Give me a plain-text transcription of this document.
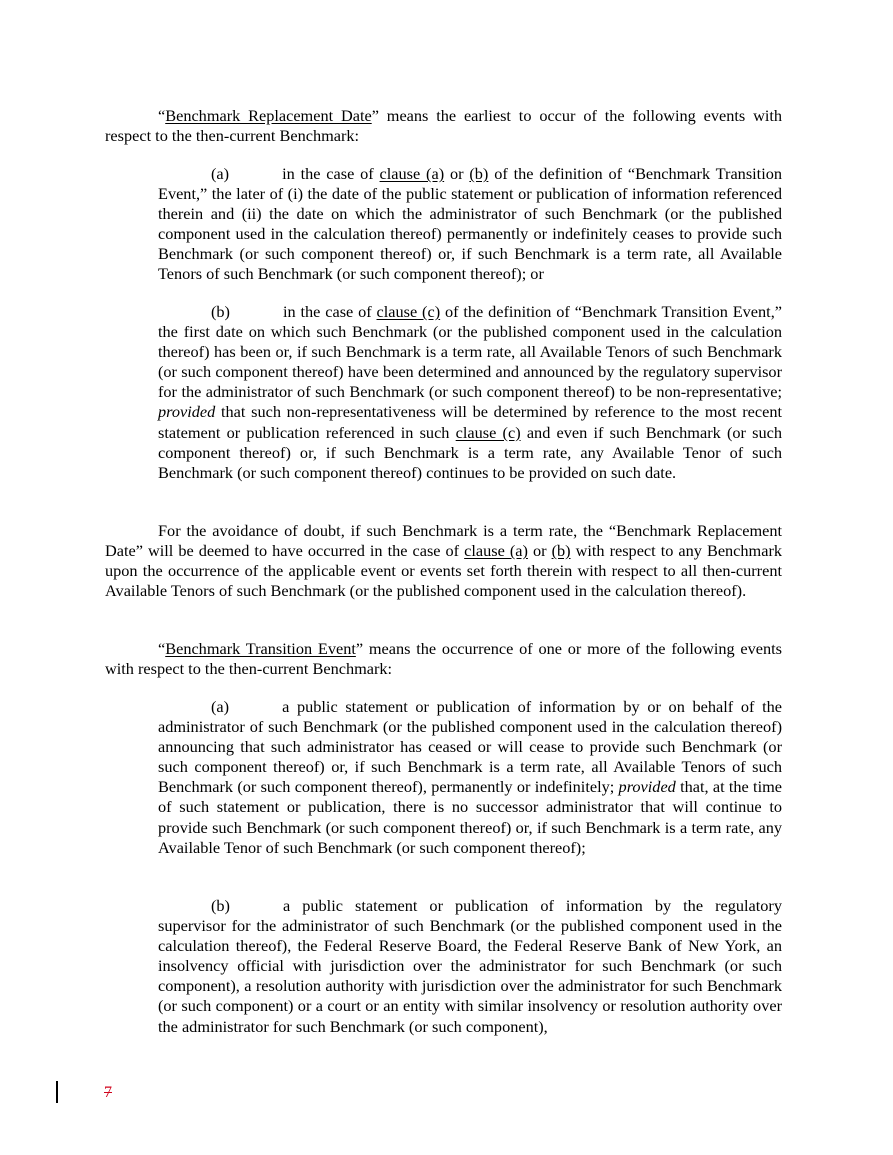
“Benchmark Replacement Date” means the earliest to occur of the following events with respect to the then-current Benchmark:

(a)	in the case of clause (a) or (b) of the definition of “Benchmark Transition Event,” the later of (i) the date of the public statement or publication of information referenced therein and (ii) the date on which the administrator of such Benchmark (or the published component used in the calculation thereof) permanently or indefinitely ceases to provide such Benchmark (or such component thereof) or, if such Benchmark is a term rate, all Available Tenors of such Benchmark (or such component thereof); or

(b)	in the case of clause (c) of the definition of “Benchmark Transition Event,” the first date on which such Benchmark (or the published component used in the calculation thereof) has been or, if such Benchmark is a term rate, all Available Tenors of such Benchmark (or such component thereof) have been determined and announced by the regulatory supervisor for the administrator of such Benchmark (or such component thereof) to be non-representative; provided that such non-representativeness will be determined by reference to the most recent statement or publication referenced in such clause (c) and even if such Benchmark (or such component thereof) or, if such Benchmark is a term rate, any Available Tenor of such Benchmark (or such component thereof) continues to be provided on such date.

For the avoidance of doubt, if such Benchmark is a term rate, the “Benchmark Replacement Date” will be deemed to have occurred in the case of clause (a) or (b) with respect to any Benchmark upon the occurrence of the applicable event or events set forth therein with respect to all then-current Available Tenors of such Benchmark (or the published component used in the calculation thereof).

“Benchmark Transition Event” means the occurrence of one or more of the following events with respect to the then-current Benchmark:

(a)	a public statement or publication of information by or on behalf of the administrator of such Benchmark (or the published component used in the calculation thereof) announcing that such administrator has ceased or will cease to provide such Benchmark (or such component thereof) or, if such Benchmark is a term rate, all Available Tenors of such Benchmark (or such component thereof), permanently or indefinitely; provided that, at the time of such statement or publication, there is no successor administrator that will continue to provide such Benchmark (or such component thereof) or, if such Benchmark is a term rate, any Available Tenor of such Benchmark (or such component thereof);

(b)	a public statement or publication of information by the regulatory supervisor for the administrator of such Benchmark (or the published component used in the calculation thereof), the Federal Reserve Board, the Federal Reserve Bank of New York, an insolvency official with jurisdiction over the administrator for such Benchmark (or such component), a resolution authority with jurisdiction over the administrator for such Benchmark (or such component) or a court or an entity with similar insolvency or resolution authority over the administrator for such Benchmark (or such component),

7
